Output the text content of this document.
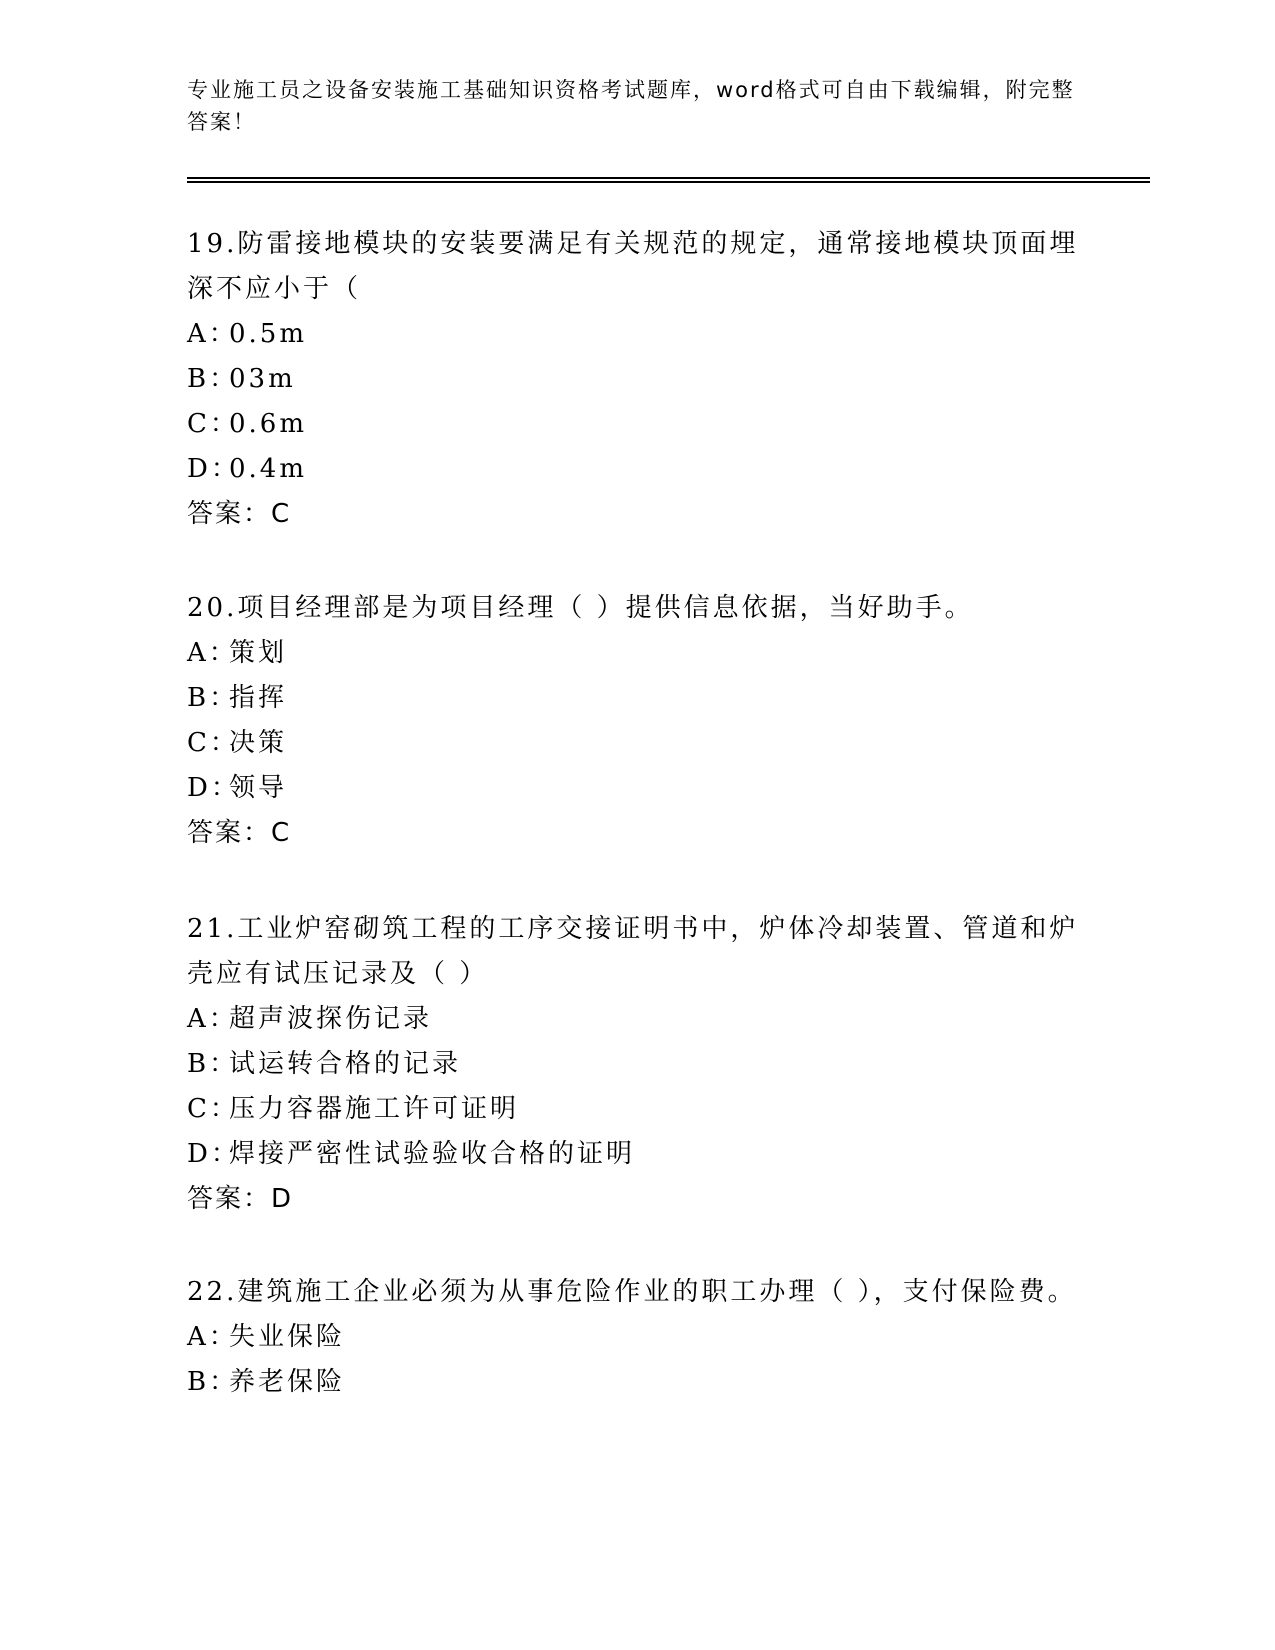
专业施工员之设备安装施工基础知识资格考试题库，word格式可自由下载编辑，附完整答案！
19.防雷接地模块的安装要满足有关规范的规定，通常接地模块顶面埋深不应小于（
A：0.5m
B：03m
C：0.6m
D：0.4m
答案：C
20.项目经理部是为项目经理（ ）提供信息依据，当好助手。
A：策划
B：指挥
C：决策
D：领导
答案：C
21.工业炉窑砌筑工程的工序交接证明书中，炉体冷却装置、管道和炉壳应有试压记录及（ ）
A：超声波探伤记录
B：试运转合格的记录
C：压力容器施工许可证明
D：焊接严密性试验验收合格的证明
答案：D
22.建筑施工企业必须为从事危险作业的职工办理（ ），支付保险费。
A：失业保险
B：养老保险
